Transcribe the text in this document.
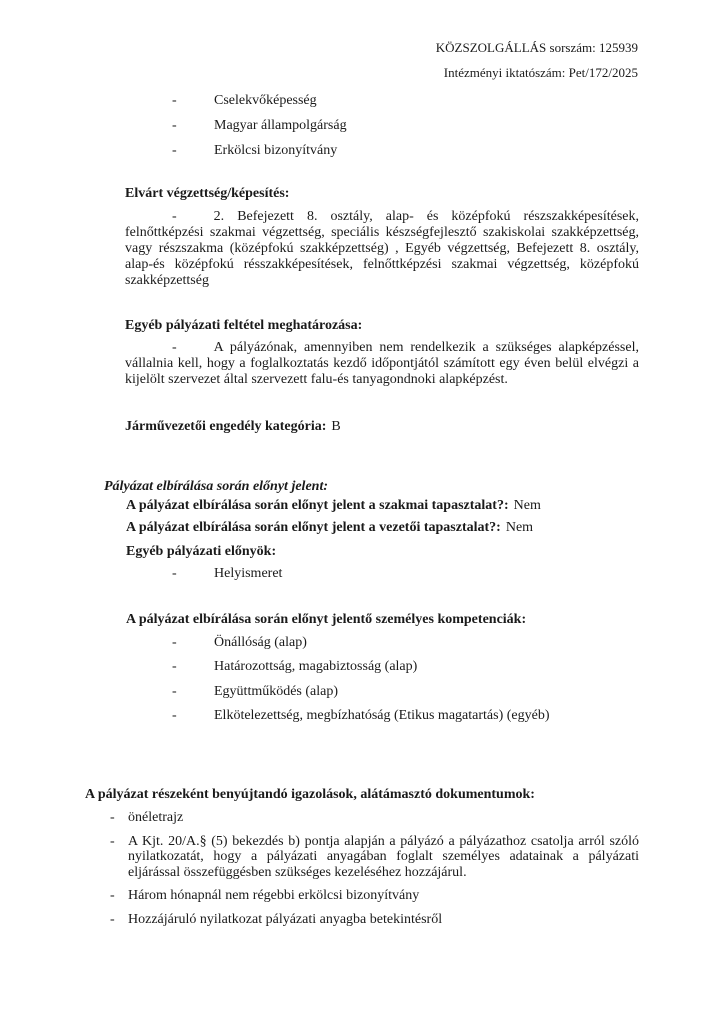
KÖZSZOLGÁLLÁS sorszám: 125939
Intézményi iktatószám: Pet/172/2025
-	Cselekvőképesség
-	Magyar állampolgárság
-	Erkölcsi bizonyítvány
Elvárt végzettség/képesítés:
-	2. Befejezett 8. osztály, alap- és középfokú részszakképesítések, felnőttképzési szakmai végzettség, speciális készségfejlesztő szakiskolai szakképzettség, vagy részszakma (középfokú szakképzettség) , Egyéb végzettség, Befejezett 8. osztály, alap-és középfokú résszakképesítések, felnőttképzési szakmai végzettség, középfokú szakképzettség
Egyéb pályázati feltétel meghatározása:
-	A pályázónak, amennyiben nem rendelkezik a szükséges alapképzéssel, vállalnia kell, hogy a foglalkoztatás kezdő időpontjától számított egy éven belül elvégzi a kijelölt szervezet által szervezett falu-és tanyagondnoki alapképzést.
Járművezetői engedély kategória: B
Pályázat elbírálása során előnyt jelent:
A pályázat elbírálása során előnyt jelent a szakmai tapasztalat?: Nem
A pályázat elbírálása során előnyt jelent a vezetői tapasztalat?: Nem
Egyéb pályázati előnyök:
-	Helyismeret
A pályázat elbírálása során előnyt jelentő személyes kompetenciák:
-	Önállóság (alap)
-	Határozottság, magabiztosság (alap)
-	Együttműködés (alap)
-	Elkötelezettség, megbízhatóság (Etikus magatartás) (egyéb)
A pályázat részeként benyújtandó igazolások, alátámasztó dokumentumok:
- önéletrajz
- A Kjt. 20/A.§ (5) bekezdés b) pontja alapján a pályázó a pályázathoz csatolja arról szóló nyilatkozatát, hogy a pályázati anyagában foglalt személyes adatainak a pályázati eljárással összefüggésben szükséges kezeléséhez hozzájárul.
- Három hónapnál nem régebbi erkölcsi bizonyítvány
- Hozzájáruló nyilatkozat pályázati anyagba betekintésről
